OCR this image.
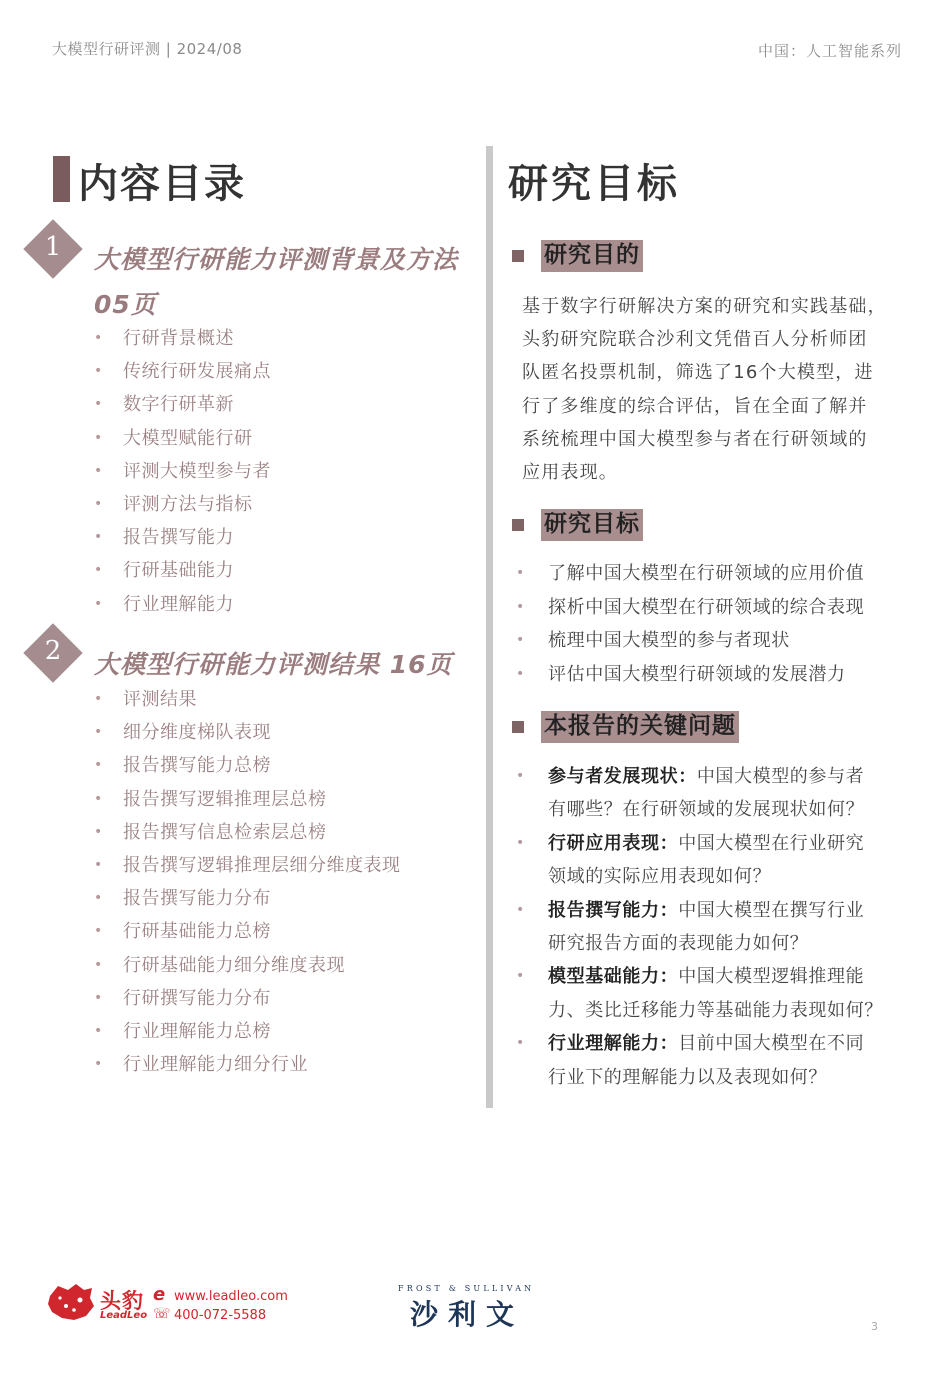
大模型行研评测 | 2024/08	中国：人工智能系列
内容目录
1	大模型行研能力评测背景及方法
05页
• 行研背景概述
• 传统行研发展痛点
• 数字行研革新
• 大模型赋能行研
• 评测大模型参与者
• 评测方法与指标
• 报告撰写能力
• 行研基础能力
• 行业理解能力
2	大模型行研能力评测结果 16页
• 评测结果
• 细分维度梯队表现
• 报告撰写能力总榜
• 报告撰写逻辑推理层总榜
• 报告撰写信息检索层总榜
• 报告撰写逻辑推理层细分维度表现
• 报告撰写能力分布
• 行研基础能力总榜
• 行研基础能力细分维度表现
• 行研撰写能力分布
• 行业理解能力总榜
• 行业理解能力细分行业
研究目标
研究目的

基于数字行研解决方案的研究和实践基础，
头豹研究院联合沙利文凭借百人分析师团
队匿名投票机制，筛选了16个大模型，进
行了多维度的综合评估，旨在全面了解并
系统梳理中国大模型参与者在行研领域的
应用表现。

研究目标
• 了解中国大模型在行研领域的应用价值
• 探析中国大模型在行研领域的综合表现
• 梳理中国大模型的参与者现状
• 评估中国大模型行研领域的发展潜力
本报告的关键问题
• 参与者发展现状：中国大模型的参与者
有哪些？在行研领域的发展现状如何？
• 行研应用表现：中国大模型在行业研究
领域的实际应用表现如何？
• 报告撰写能力：中国大模型在撰写行业
研究报告方面的表现能力如何？
• 模型基础能力：中国大模型逻辑推理能
力、类比迁移能力等基础能力表现如何？
• 行业理解能力：目前中国大模型在不同
行业下的理解能力以及表现如何？
头豹
LeadLeo
e www.leadleo.com
☏ 400-072-5588
FROST & SULLIVAN
沙利文	3
